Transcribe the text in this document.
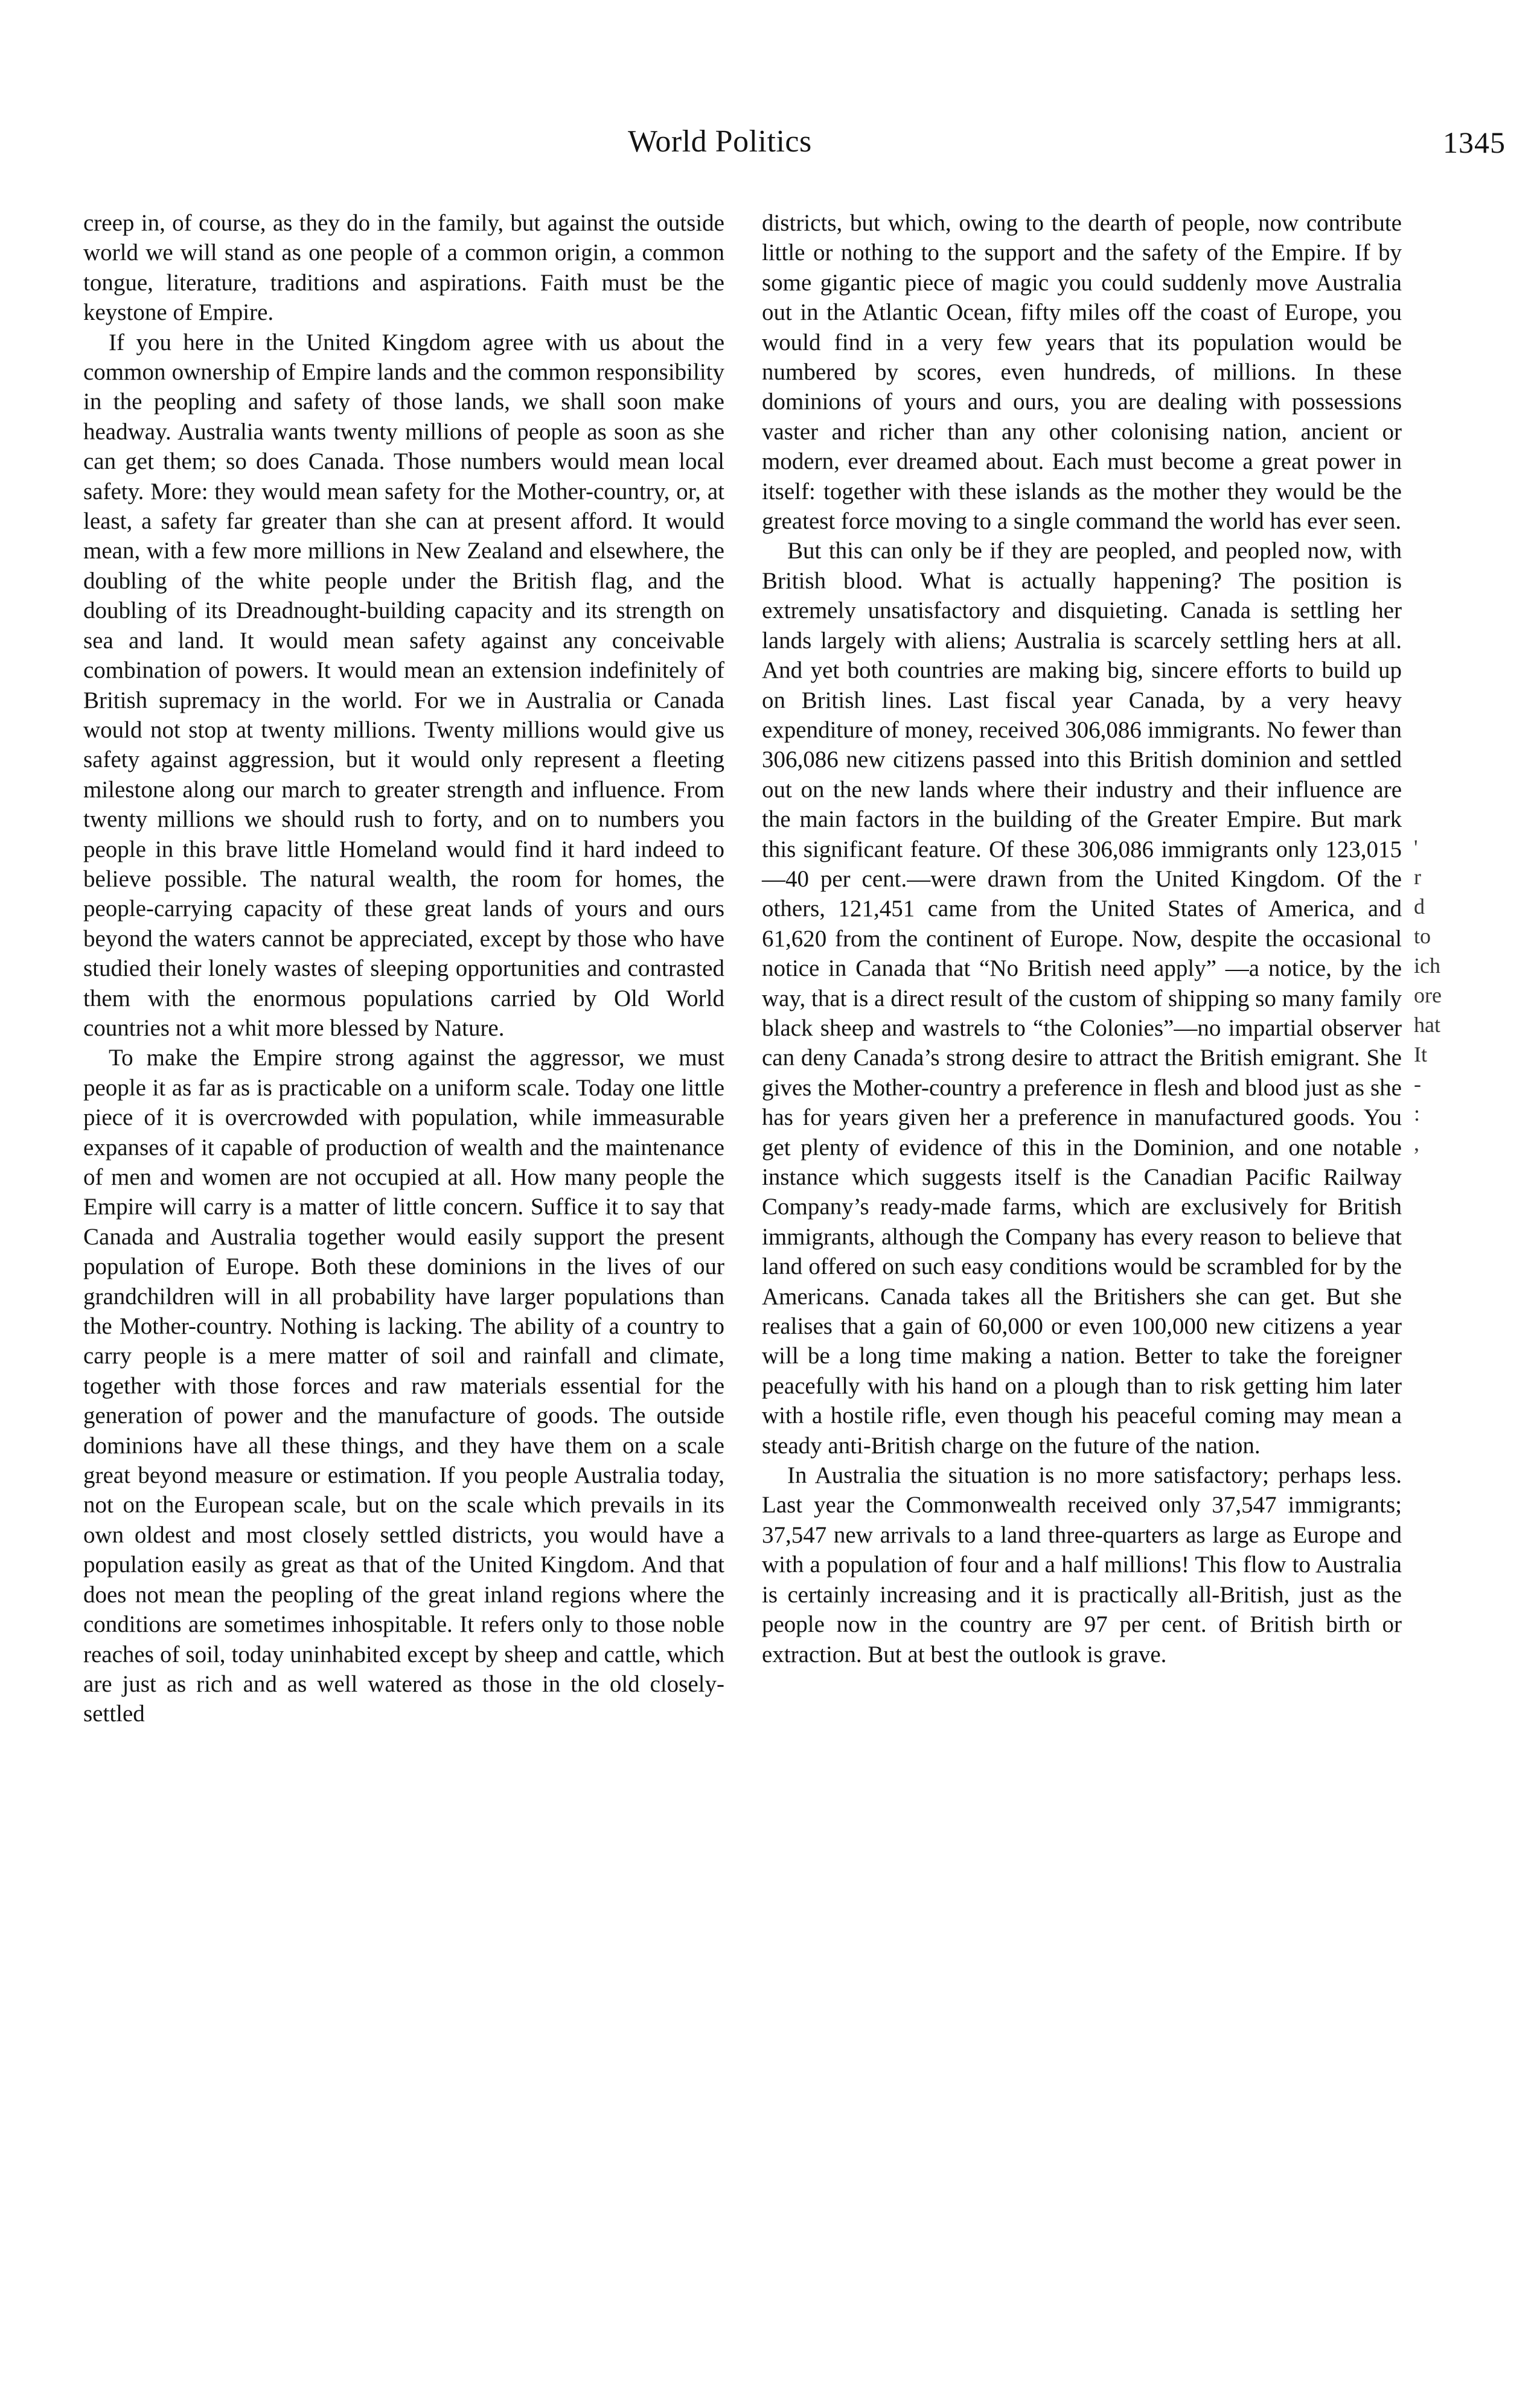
World Politics	1345

creep in, of course, as they do in the family, but against the outside world we will stand as one people of a common origin, a common tongue, literature, traditions and aspirations. Faith must be the keystone of Empire.

If you here in the United Kingdom agree with us about the common ownership of Empire lands and the common responsibility in the peopling and safety of those lands, we shall soon make headway. Australia wants twenty millions of people as soon as she can get them; so does Canada. Those numbers would mean local safety. More: they would mean safety for the Mother-country, or, at least, a safety far greater than she can at present afford. It would mean, with a few more millions in New Zealand and elsewhere, the doubling of the white people under the British flag, and the doubling of its Dreadnought-building capacity and its strength on sea and land. It would mean safety against any conceivable combination of powers. It would mean an extension indefinitely of British supremacy in the world. For we in Australia or Canada would not stop at twenty millions. Twenty millions would give us safety against aggression, but it would only represent a fleeting milestone along our march to greater strength and influence. From twenty millions we should rush to forty, and on to numbers you people in this brave little Homeland would find it hard indeed to believe possible. The natural wealth, the room for homes, the people-carrying capacity of these great lands of yours and ours beyond the waters cannot be appreciated, except by those who have studied their lonely wastes of sleeping opportunities and contrasted them with the enormous populations carried by Old World countries not a whit more blessed by Nature.

To make the Empire strong against the aggressor, we must people it as far as is practicable on a uniform scale. Today one little piece of it is overcrowded with population, while immeasurable expanses of it capable of production of wealth and the maintenance of men and women are not occupied at all. How many people the Empire will carry is a matter of little concern. Suffice it to say that Canada and Australia together would easily support the present population of Europe. Both these dominions in the lives of our grandchildren will in all probability have larger populations than the Mother-country. Nothing is lacking. The ability of a country to carry people is a mere matter of soil and rainfall and climate, together with those forces and raw materials essential for the generation of power and the manufacture of goods. The outside dominions have all these things, and they have them on a scale great beyond measure or estimation. If you people Australia today, not on the European scale, but on the scale which prevails in its own oldest and most closely settled districts, you would have a population easily as great as that of the United Kingdom. And that does not mean the peopling of the great inland regions where the conditions are sometimes inhospitable. It refers only to those noble reaches of soil, today uninhabited except by sheep and cattle, which are just as rich and as well watered as those in the old closely-settled

districts, but which, owing to the dearth of people, now contribute little or nothing to the support and the safety of the Empire. If by some gigantic piece of magic you could suddenly move Australia out in the Atlantic Ocean, fifty miles off the coast of Europe, you would find in a very few years that its population would be numbered by scores, even hundreds, of millions. In these dominions of yours and ours, you are dealing with possessions vaster and richer than any other colonising nation, ancient or modern, ever dreamed about. Each must become a great power in itself: together with these islands as the mother they would be the greatest force moving to a single command the world has ever seen.

But this can only be if they are peopled, and peopled now, with British blood. What is actually happening? The position is extremely unsatisfactory and disquieting. Canada is settling her lands largely with aliens; Australia is scarcely settling hers at all. And yet both countries are making big, sincere efforts to build up on British lines. Last fiscal year Canada, by a very heavy expenditure of money, received 306,086 immigrants. No fewer than 306,086 new citizens passed into this British dominion and settled out on the new lands where their industry and their influence are the main factors in the building of the Greater Empire. But mark this significant feature. Of these 306,086 immigrants only 123,015—40 per cent.—were drawn from the United Kingdom. Of the others, 121,451 came from the United States of America, and 61,620 from the continent of Europe. Now, despite the occasional notice in Canada that “No British need apply” —a notice, by the way, that is a direct result of the custom of shipping so many family black sheep and wastrels to “the Colonies”—no impartial observer can deny Canada’s strong desire to attract the British emigrant. She gives the Mother-country a preference in flesh and blood just as she has for years given her a preference in manufactured goods. You get plenty of evidence of this in the Dominion, and one notable instance which suggests itself is the Canadian Pacific Railway Company’s ready-made farms, which are exclusively for British immigrants, although the Company has every reason to believe that land offered on such easy conditions would be scrambled for by the Americans. Canada takes all the Britishers she can get. But she realises that a gain of 60,000 or even 100,000 new citizens a year will be a long time making a nation. Better to take the foreigner peacefully with his hand on a plough than to risk getting him later with a hostile rifle, even though his peaceful coming may mean a steady anti-British charge on the future of the nation.

In Australia the situation is no more satisfactory; perhaps less. Last year the Commonwealth received only 37,547 immigrants; 37,547 new arrivals to a land three-quarters as large as Europe and with a population of four and a half millions! This flow to Australia is certainly increasing and it is practically all-British, just as the people now in the country are 97 per cent. of British birth or extraction. But at best the outlook is grave.

'
r
d
to
ich
ore
hat
It
-
:
,
